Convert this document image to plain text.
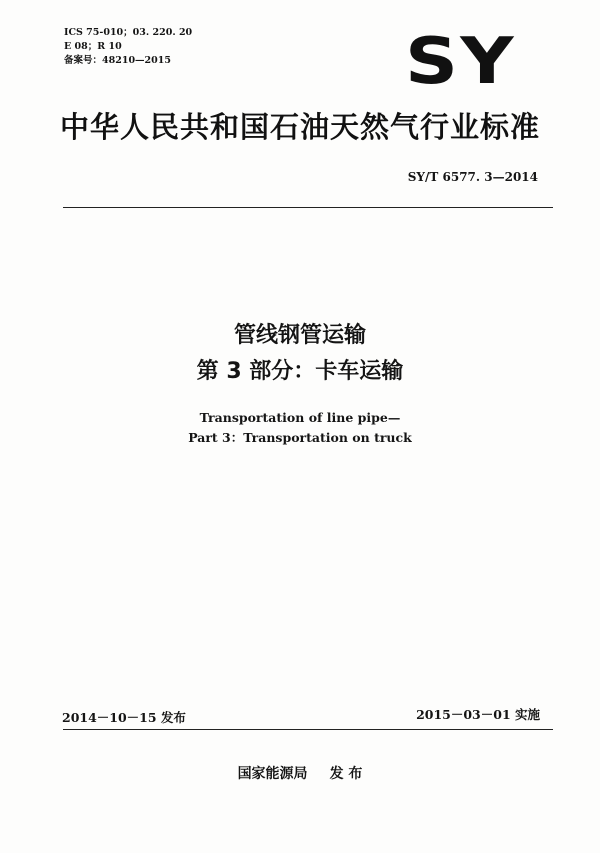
ICS 75-010；03. 220. 20
E 08；R 10
备案号：48210—2015	SY
中华人民共和国石油天然气行业标准
SY/T 6577. 3—2014
管线钢管运输
第 3 部分：卡车运输
Transportation of line pipe—
Part 3：Transportation on truck
2014－10－15 发布	2015－03－01 实施
国家能源局 发 布
